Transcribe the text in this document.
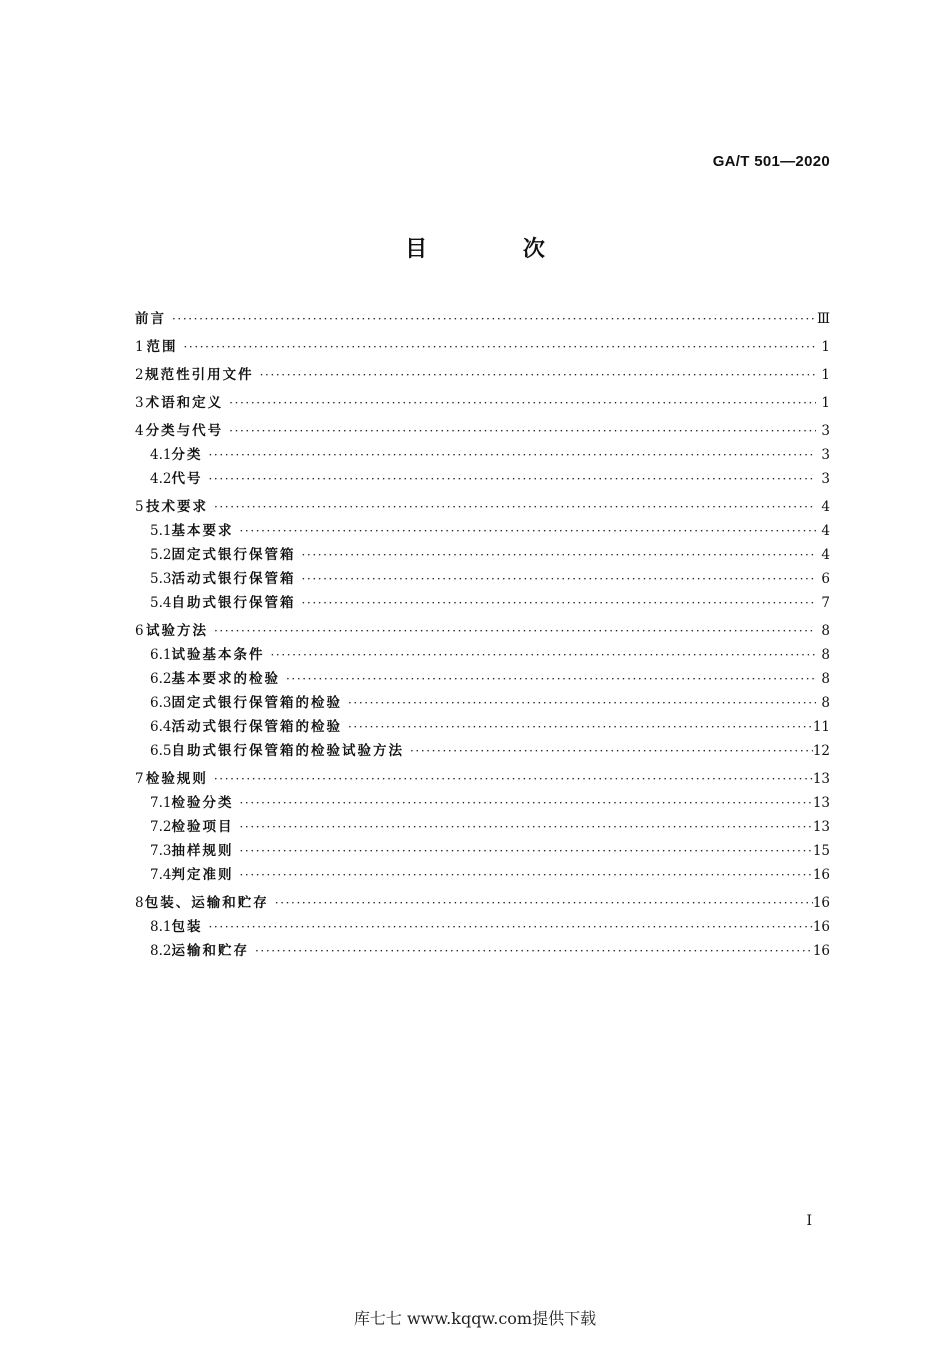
GA/T 501—2020
目 次
前言 ·····	Ⅲ
1 范围 ·····	1
2 规范性引用文件 ·····	1
3 术语和定义 ·····	1
4 分类与代号 ·····	3
4.1 分类 ·····	3
4.2 代号 ·····	3
5 技术要求 ·····	4
5.1 基本要求 ·····	4
5.2 固定式银行保管箱 ·····	4
5.3 活动式银行保管箱 ·····	6
5.4 自助式银行保管箱 ·····	7
6 试验方法 ·····	8
6.1 试验基本条件 ·····	8
6.2 基本要求的检验 ·····	8
6.3 固定式银行保管箱的检验 ·····	8
6.4 活动式银行保管箱的检验 ·····	11
6.5 自助式银行保管箱的检验试验方法 ·····	12
7 检验规则 ·····	13
7.1 检验分类 ·····	13
7.2 检验项目 ·····	13
7.3 抽样规则 ·····	15
7.4 判定准则 ·····	16
8 包装、运输和贮存 ·····	16
8.1 包装 ·····	16
8.2 运输和贮存 ·····	16
I
库七七 www.kqqw.com提供下载
